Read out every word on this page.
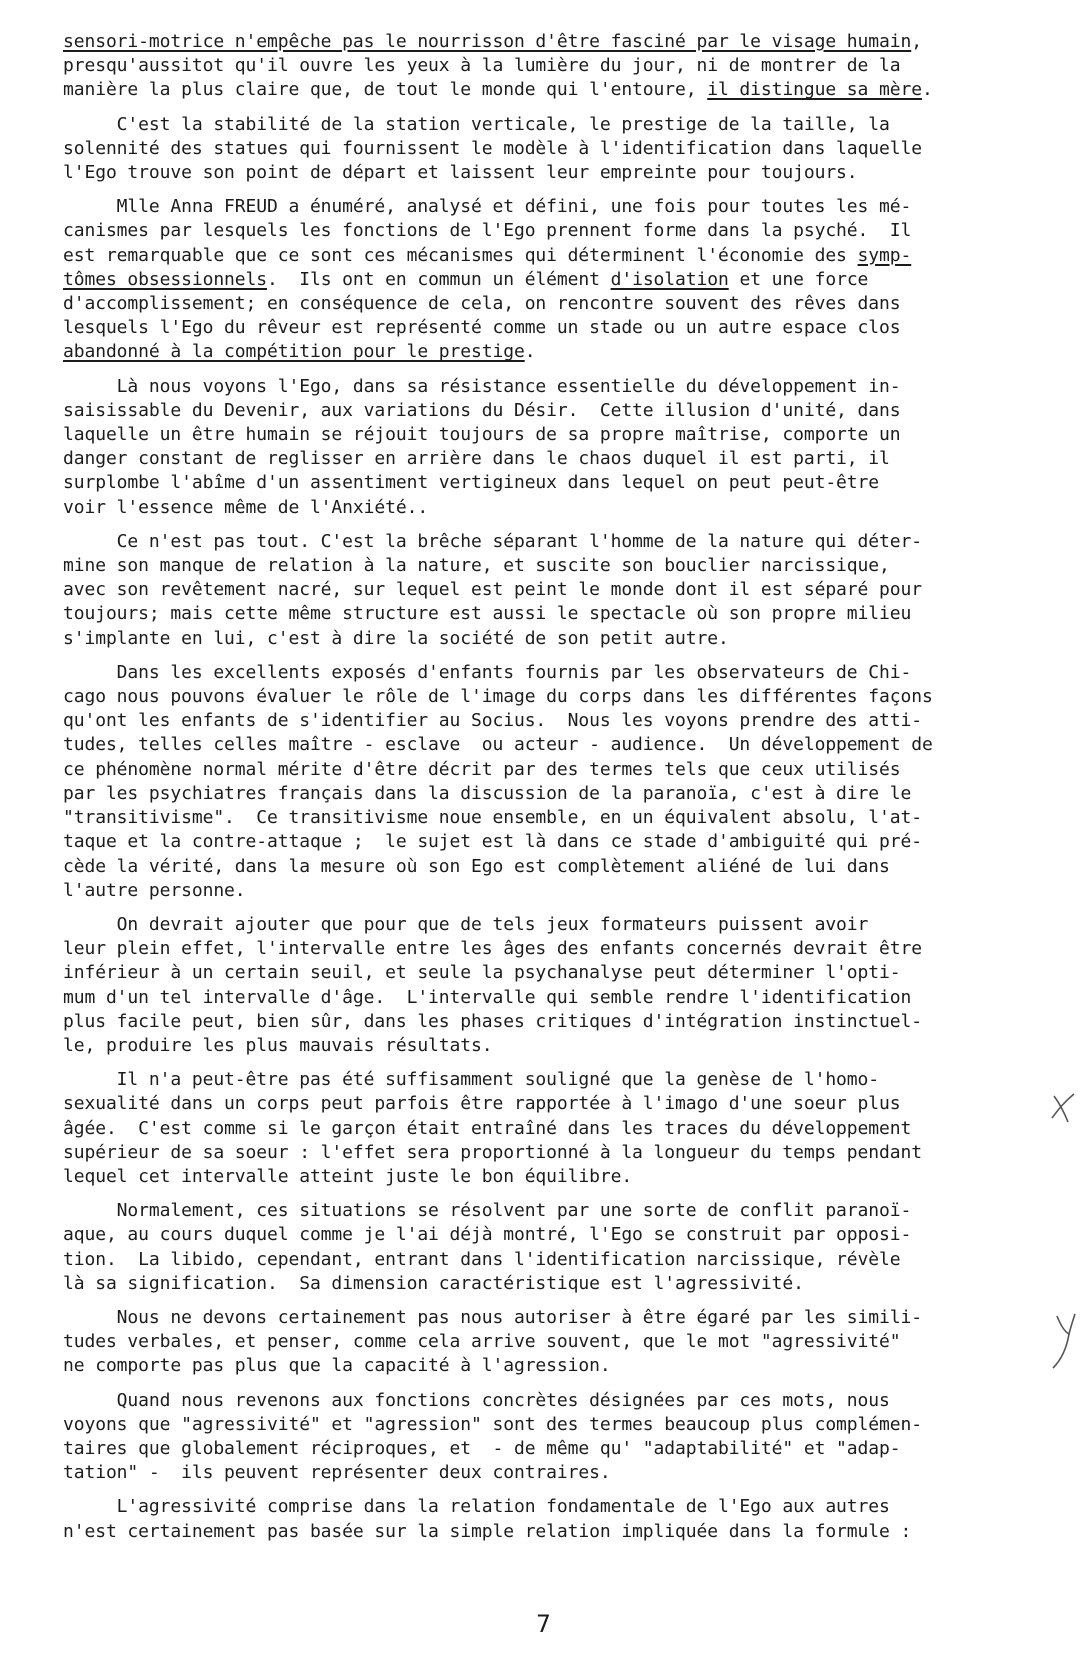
sensori-motrice n'empêche pas le nourrisson d'être fasciné par le visage humain,
presqu'aussitot qu'il ouvre les yeux à la lumière du jour, ni de montrer de la
manière la plus claire que, de tout le monde qui l'entoure, il distingue sa mère.
C'est la stabilité de la station verticale, le prestige de la taille, la
solennité des statues qui fournissent le modèle à l'identification dans laquelle
l'Ego trouve son point de départ et laissent leur empreinte pour toujours.
Mlle Anna FREUD a énuméré, analysé et défini, une fois pour toutes les mé-
canismes par lesquels les fonctions de l'Ego prennent forme dans la psyché.  Il
est remarquable que ce sont ces mécanismes qui déterminent l'économie des symp-
tômes obsessionnels.  Ils ont en commun un élément d'isolation et une force
d'accomplissement; en conséquence de cela, on rencontre souvent des rêves dans
lesquels l'Ego du rêveur est représenté comme un stade ou un autre espace clos
abandonné à la compétition pour le prestige.
Là nous voyons l'Ego, dans sa résistance essentielle du développement in-
saisissable du Devenir, aux variations du Désir.  Cette illusion d'unité, dans
laquelle un être humain se réjouit toujours de sa propre maîtrise, comporte un
danger constant de reglisser en arrière dans le chaos duquel il est parti, il
surplombe l'abîme d'un assentiment vertigineux dans lequel on peut peut-être
voir l'essence même de l'Anxiété..
Ce n'est pas tout. C'est la brêche séparant l'homme de la nature qui déter-
mine son manque de relation à la nature, et suscite son bouclier narcissique,
avec son revêtement nacré, sur lequel est peint le monde dont il est séparé pour
toujours; mais cette même structure est aussi le spectacle où son propre milieu
s'implante en lui, c'est à dire la société de son petit autre.
Dans les excellents exposés d'enfants fournis par les observateurs de Chi-
cago nous pouvons évaluer le rôle de l'image du corps dans les différentes façons
qu'ont les enfants de s'identifier au Socius.  Nous les voyons prendre des atti-
tudes, telles celles maître - esclave  ou acteur - audience.  Un développement de
ce phénomène normal mérite d'être décrit par des termes tels que ceux utilisés
par les psychiatres français dans la discussion de la paranoïa, c'est à dire le
"transitivisme".  Ce transitivisme noue ensemble, en un équivalent absolu, l'at-
taque et la contre-attaque ;  le sujet est là dans ce stade d'ambiguité qui pré-
cède la vérité, dans la mesure où son Ego est complètement aliéné de lui dans
l'autre personne.
On devrait ajouter que pour que de tels jeux formateurs puissent avoir
leur plein effet, l'intervalle entre les âges des enfants concernés devrait être
inférieur à un certain seuil, et seule la psychanalyse peut déterminer l'opti-
mum d'un tel intervalle d'âge.  L'intervalle qui semble rendre l'identification
plus facile peut, bien sûr, dans les phases critiques d'intégration instinctuel-
le, produire les plus mauvais résultats.
Il n'a peut-être pas été suffisamment souligné que la genèse de l'homo-
sexualité dans un corps peut parfois être rapportée à l'imago d'une soeur plus
âgée.  C'est comme si le garçon était entraîné dans les traces du développement
supérieur de sa soeur : l'effet sera proportionné à la longueur du temps pendant
lequel cet intervalle atteint juste le bon équilibre.
Normalement, ces situations se résolvent par une sorte de conflit paranoï-
aque, au cours duquel comme je l'ai déjà montré, l'Ego se construit par opposi-
tion.  La libido, cependant, entrant dans l'identification narcissique, révèle
là sa signification.  Sa dimension caractéristique est l'agressivité.
Nous ne devons certainement pas nous autoriser à être égaré par les simili-
tudes verbales, et penser, comme cela arrive souvent, que le mot "agressivité"
ne comporte pas plus que la capacité à l'agression.
Quand nous revenons aux fonctions concrètes désignées par ces mots, nous
voyons que "agressivité" et "agression" sont des termes beaucoup plus complémen-
taires que globalement réciproques, et  - de même qu' "adaptabilité" et "adap-
tation" -  ils peuvent représenter deux contraires.
L'agressivité comprise dans la relation fondamentale de l'Ego aux autres
n'est certainement pas basée sur la simple relation impliquée dans la formule :
7
